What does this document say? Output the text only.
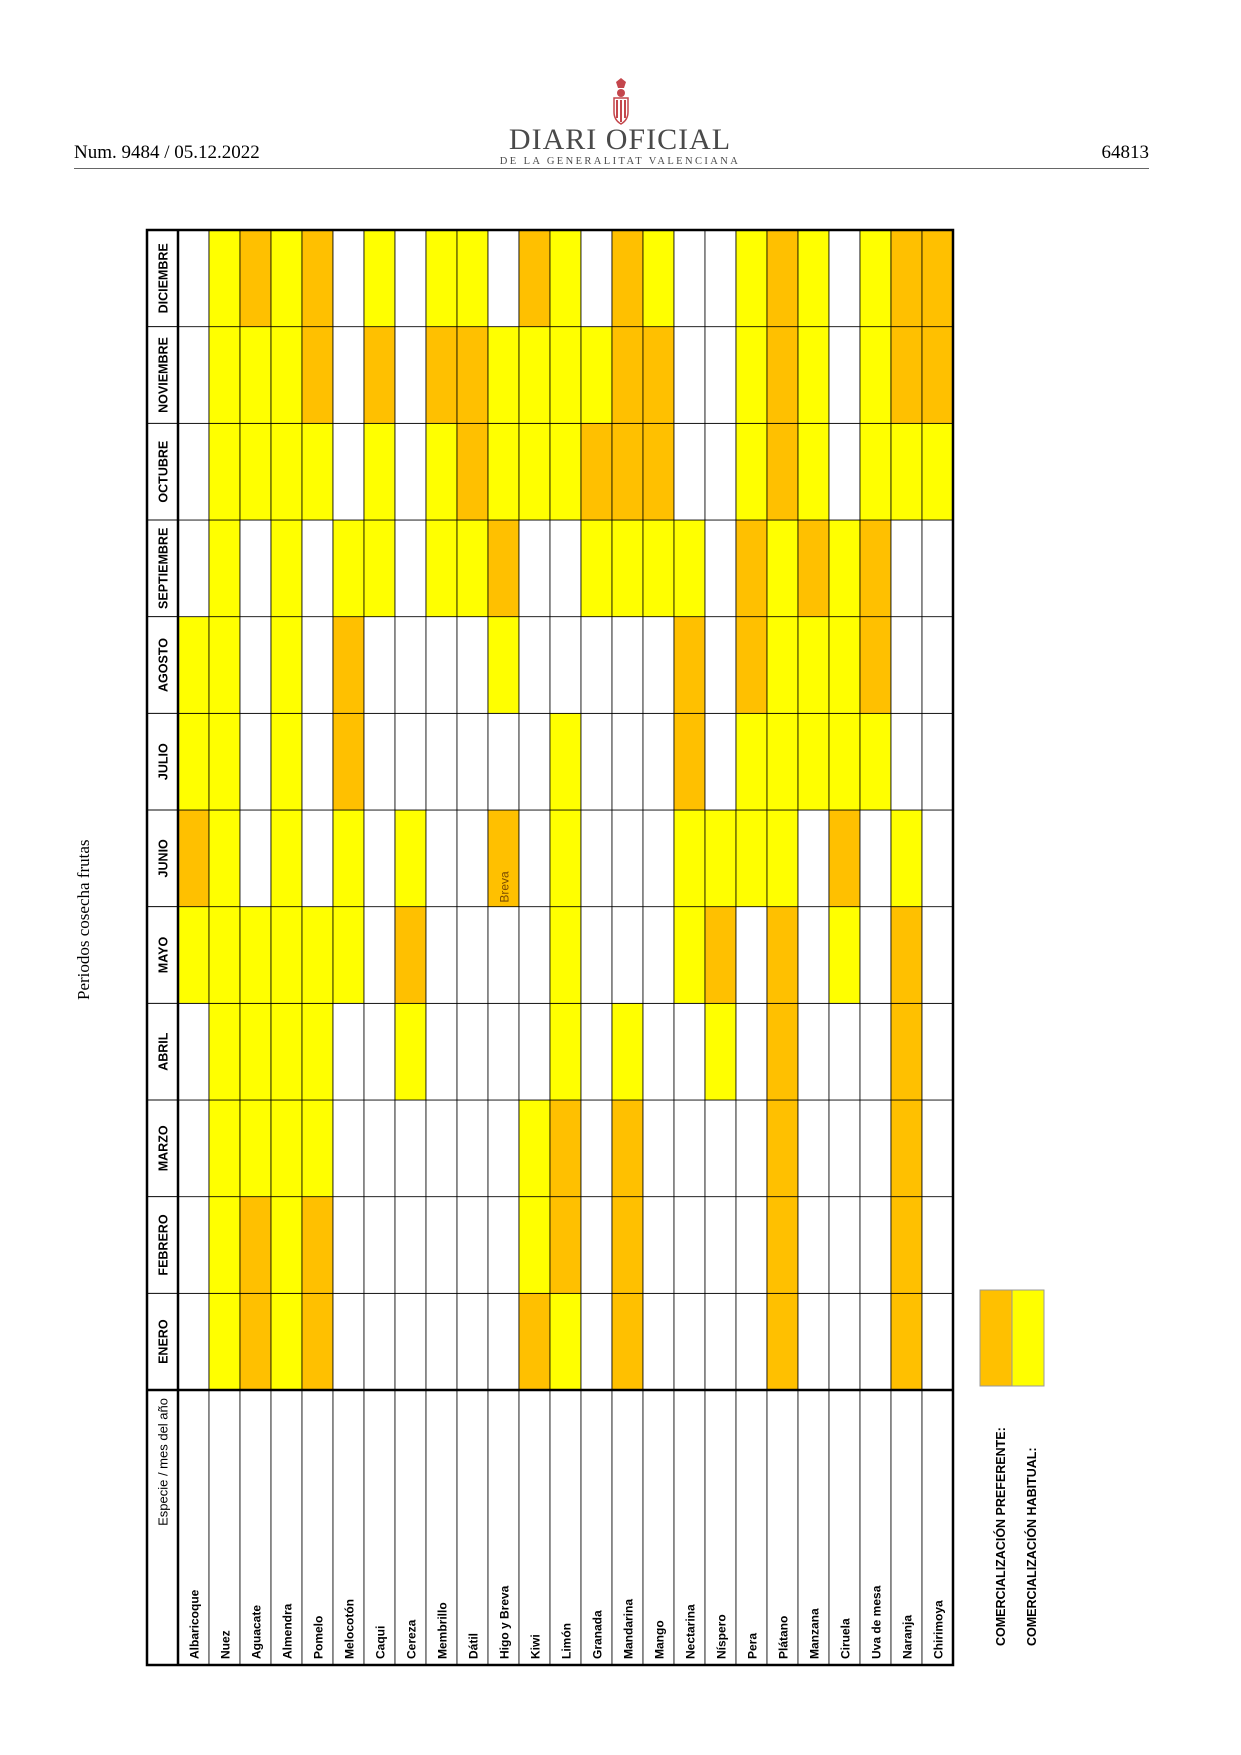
Num. 9484 / 05.12.2022	64813
DIARI OFICIAL
DE LA GENERALITAT VALENCIANA
Periodos cosecha frutas
ENERO
FEBRERO
MARZO
ABRIL
MAYO
JUNIO
JULIO
AGOSTO
SEPTIEMBRE
OCTUBRE
NOVIEMBRE
DICIEMBRE
Albaricoque Nuez Aguacate Almendra Pomelo Melocotón Caqui Cereza Membrillo Dátil Higo y Breva
Breva
Kiwi Limón Granada Mandarina Mango Nectarina Níspero Pera Plátano Manzana Ciruela Uva de mesa Naranja Chirimoya
Especie / mes del año	COMERCIALIZACIÓN PREFERENTE: COMERCIALIZACIÓN HABITUAL:
